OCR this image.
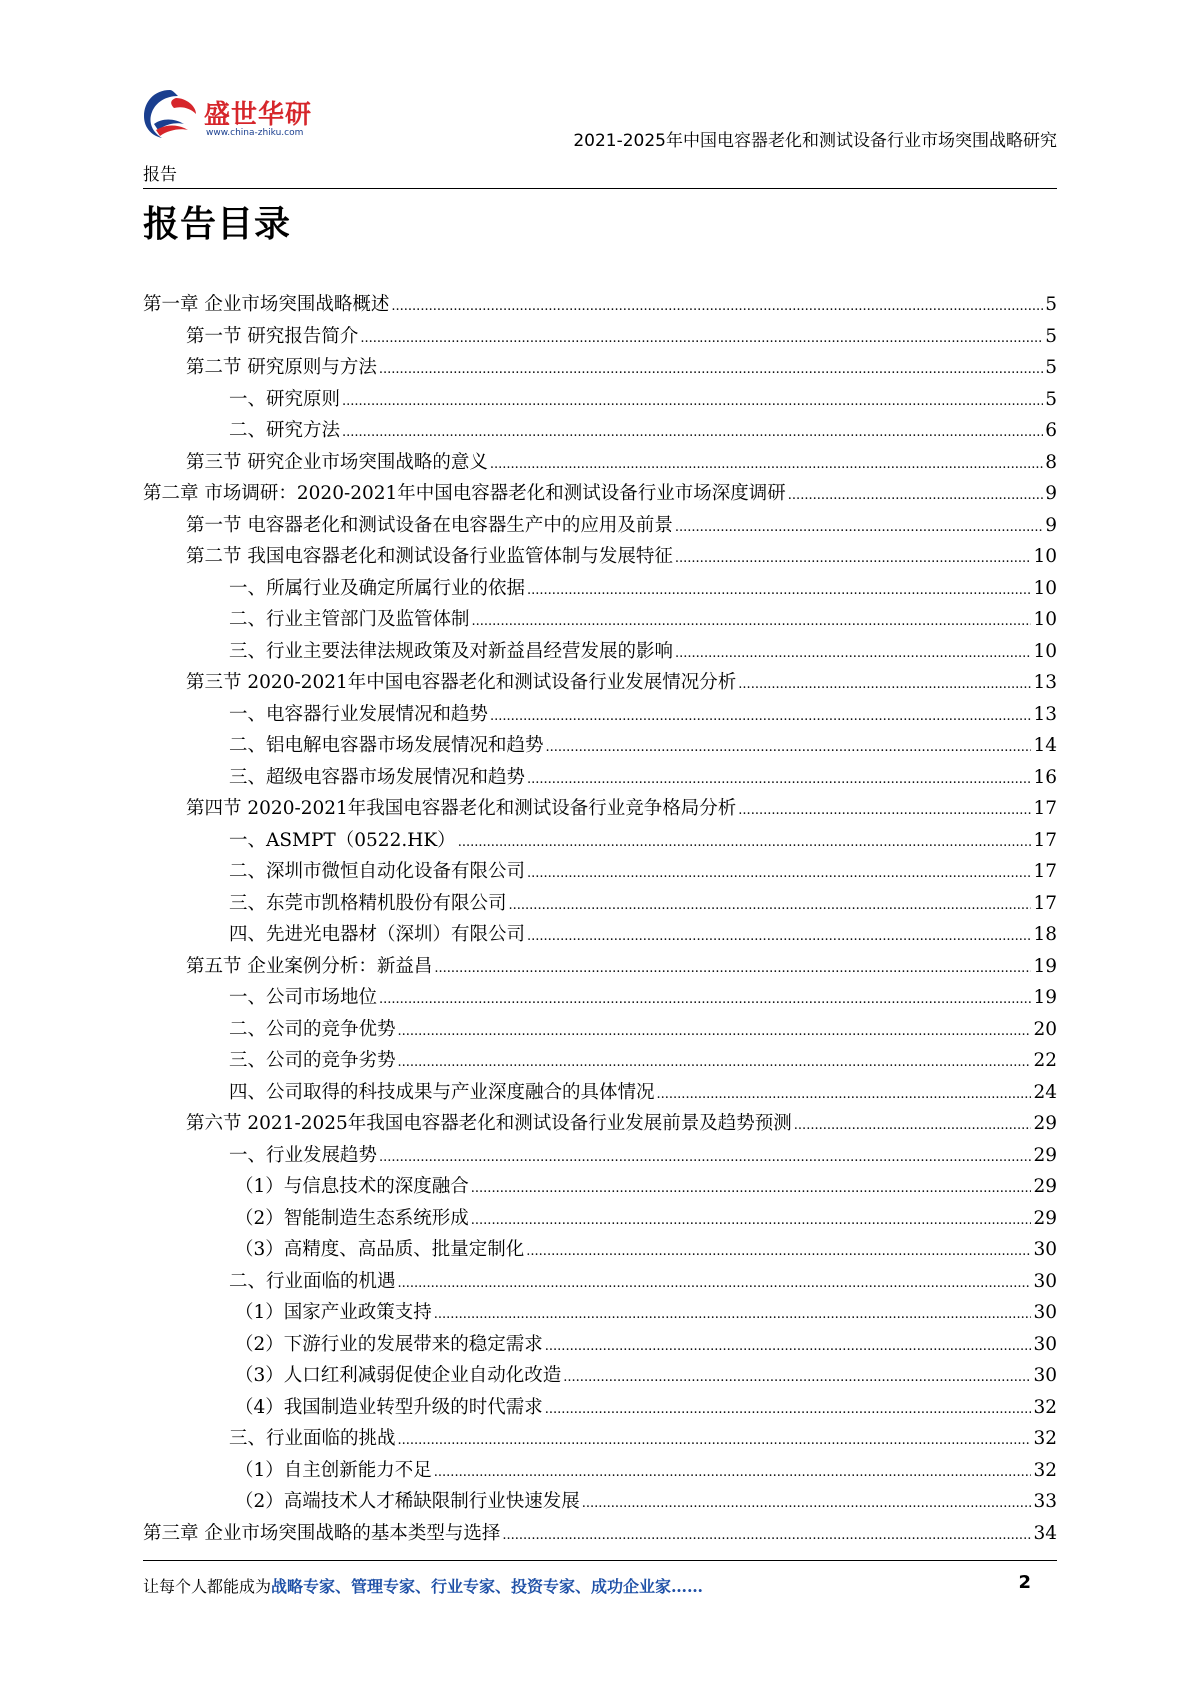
盛世华研
www.china-zhiku.com	2021-2025年中国电容器老化和测试设备行业市场突围战略研究
报告
报告目录
第一章 企业市场突围战略概述 .....	5
第一节 研究报告简介 .....	5
第二节 研究原则与方法 .....	5
一、研究原则 .....	5
二、研究方法 .....	6
第三节 研究企业市场突围战略的意义 .....	8
第二章 市场调研：2020-2021年中国电容器老化和测试设备行业市场深度调研 .....	9
第一节 电容器老化和测试设备在电容器生产中的应用及前景 .....	9
第二节 我国电容器老化和测试设备行业监管体制与发展特征 .....	10
一、所属行业及确定所属行业的依据 .....	10
二、行业主管部门及监管体制 .....	10
三、行业主要法律法规政策及对新益昌经营发展的影响 .....	10
第三节 2020-2021年中国电容器老化和测试设备行业发展情况分析 .....	13
一、电容器行业发展情况和趋势 .....	13
二、铝电解电容器市场发展情况和趋势 .....	14
三、超级电容器市场发展情况和趋势 .....	16
第四节 2020-2021年我国电容器老化和测试设备行业竞争格局分析 .....	17
一、ASMPT（0522.HK） .....	17
二、深圳市微恒自动化设备有限公司 .....	17
三、东莞市凯格精机股份有限公司 .....	17
四、先进光电器材（深圳）有限公司 .....	18
第五节 企业案例分析：新益昌 .....	19
一、公司市场地位 .....	19
二、公司的竞争优势 .....	20
三、公司的竞争劣势 .....	22
四、公司取得的科技成果与产业深度融合的具体情况 .....	24
第六节 2021-2025年我国电容器老化和测试设备行业发展前景及趋势预测 .....	29
一、行业发展趋势 .....	29
（1）与信息技术的深度融合 .....	29
（2）智能制造生态系统形成 .....	29
（3）高精度、高品质、批量定制化 .....	30
二、行业面临的机遇 .....	30
（1）国家产业政策支持 .....	30
（2）下游行业的发展带来的稳定需求 .....	30
（3）人口红利减弱促使企业自动化改造 .....	30
（4）我国制造业转型升级的时代需求 .....	32
三、行业面临的挑战 .....	32
（1）自主创新能力不足 .....	32
（2）高端技术人才稀缺限制行业快速发展 .....	33
第三章 企业市场突围战略的基本类型与选择 .....	34
让每个人都能成为战略专家、管理专家、行业专家、投资专家、成功企业家……	2
